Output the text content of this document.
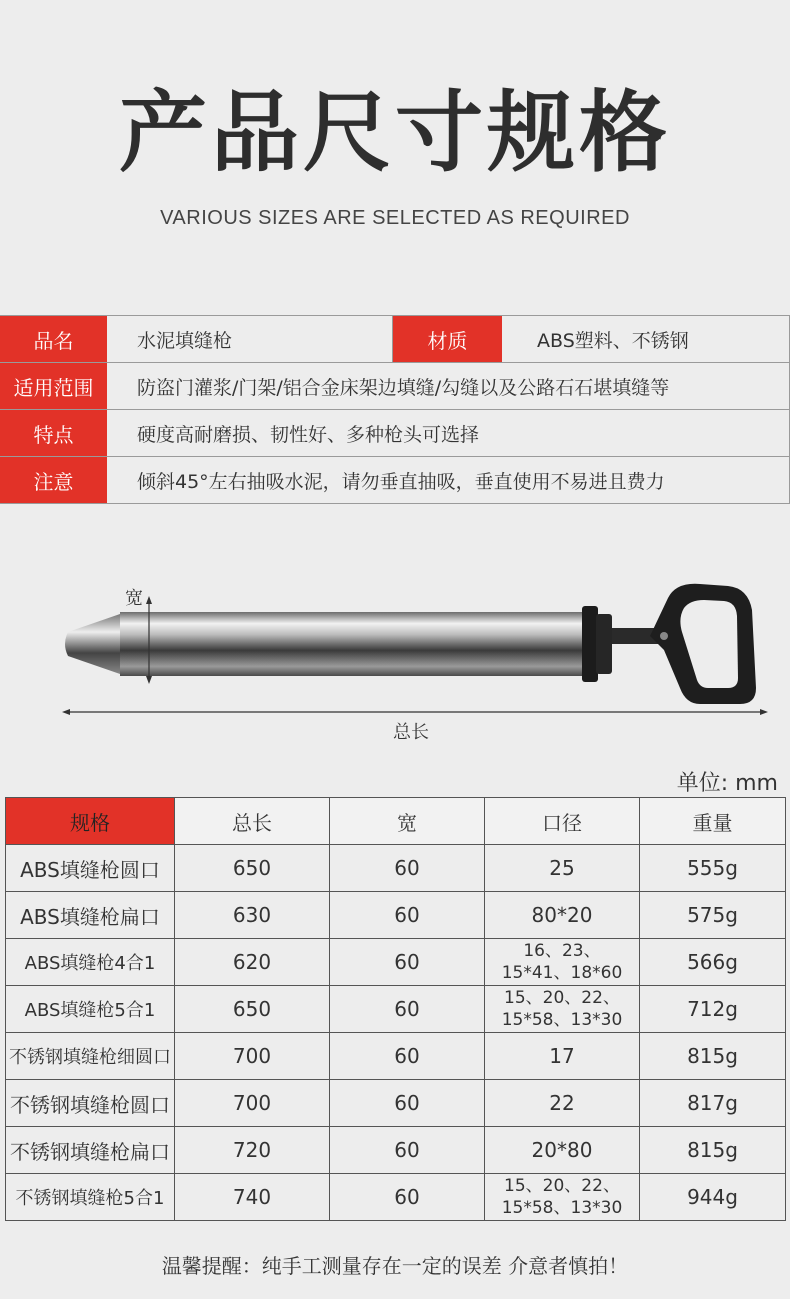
产品尺寸规格
VARIOUS SIZES ARE SELECTED AS REQUIRED
品名	水泥填缝枪	材质	ABS塑料、不锈钢
适用范围	防盗门灌浆/门架/铝合金床架边填缝/勾缝以及公路石石堪填缝等
特点	硬度高耐磨损、韧性好、多种枪头可选择
注意	倾斜45°左右抽吸水泥，请勿垂直抽吸，垂直使用不易进且费力
宽
总长
单位: mm
规格	总长	宽	口径	重量
ABS填缝枪圆口	650	60	25	555g
ABS填缝枪扁口	630	60	80*20	575g
ABS填缝枪4合1	620	60	16、23、
15*41、18*60	566g
ABS填缝枪5合1	650	60	15、20、22、
15*58、13*30	712g
不锈钢填缝枪细圆口	700	60	17	815g
不锈钢填缝枪圆口	700	60	22	817g
不锈钢填缝枪扁口	720	60	20*80	815g
不锈钢填缝枪5合1	740	60	15、20、22、
15*58、13*30	944g
温馨提醒：纯手工测量存在一定的误差 介意者慎拍！
